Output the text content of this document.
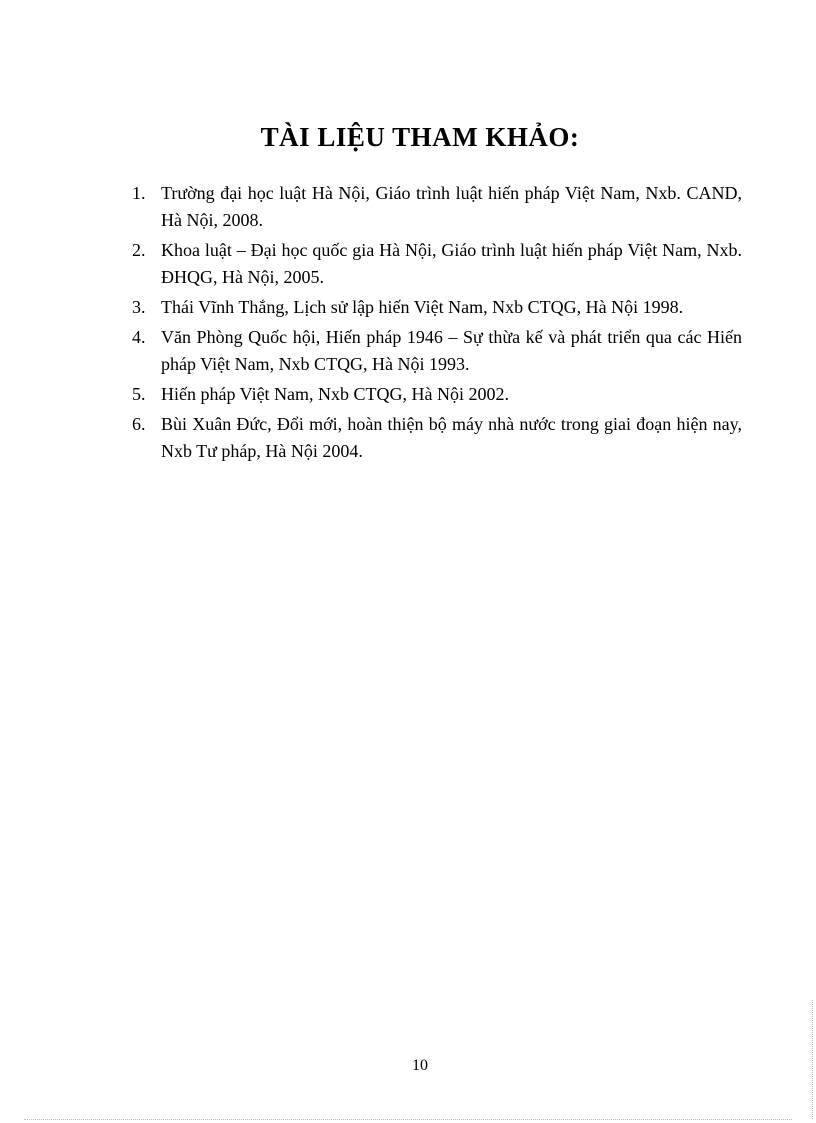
TÀI LIỆU THAM KHẢO:
1. Trường đại học luật Hà Nội, Giáo trình luật hiến pháp Việt Nam, Nxb. CAND, Hà Nội, 2008.
2. Khoa luật – Đại học quốc gia Hà Nội, Giáo trình luật hiến pháp Việt Nam, Nxb. ĐHQG, Hà Nội, 2005.
3. Thái Vĩnh Thắng, Lịch sử lập hiến Việt Nam, Nxb CTQG, Hà Nội 1998.
4. Văn Phòng Quốc hội, Hiến pháp 1946 – Sự thừa kế và phát triển qua các Hiến pháp Việt Nam, Nxb CTQG, Hà Nội 1993.
5. Hiến pháp Việt Nam, Nxb CTQG, Hà Nội 2002.
6. Bùi Xuân Đức, Đổi mới, hoàn thiện bộ máy nhà nước trong giai đoạn hiện nay, Nxb Tư pháp, Hà Nội 2004.
10
